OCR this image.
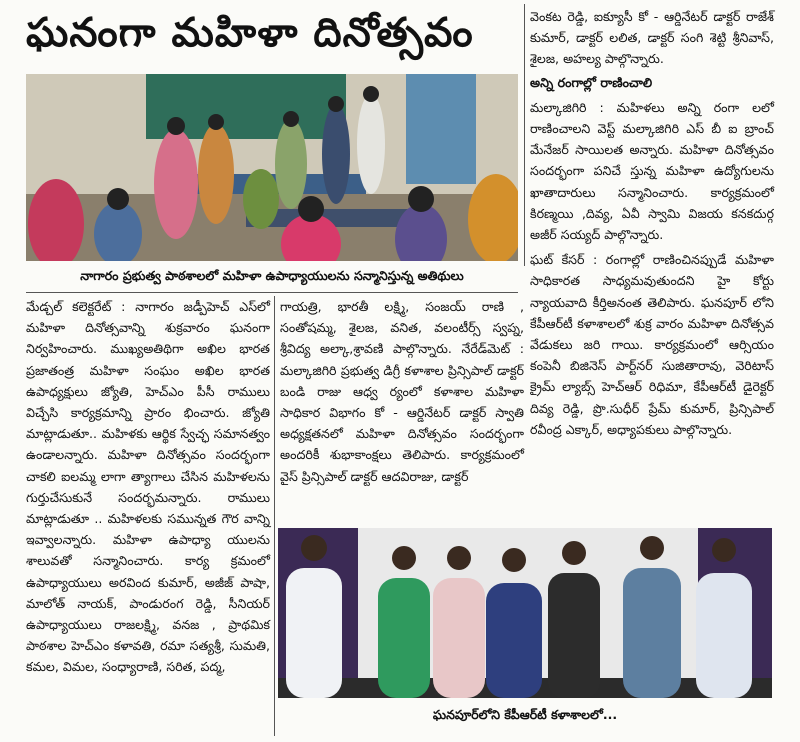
ఘనంగా మహిళా దినోత్సవం
నాగారం ప్రభుత్వ పాఠశాలలో మహిళా ఉపాధ్యాయులను సన్మానిస్తున్న అతిథులు

వెంకట రెడ్డి, ఐక్యూసీ కో - ఆర్డినేటర్ డాక్టర్ రాజేశ్ కుమార్, డాక్టర్ లలిత, డాక్టర్ సంగి శెట్టి శ్రీనివాస్, శైలజ, అహల్య పాల్గొన్నారు.

అన్ని రంగాల్లో రాణించాలి

మల్కాజిగిరి : మహిళలు అన్ని రంగా లలో రాణించాలని వెస్ట్ మల్కాజిగిరి ఎస్ బీ ఐ బ్రాంచ్ మేనేజర్ సాయిలత అన్నారు. మహిళా దినోత్సవం సందర్భంగా పనిచే స్తున్న మహిళా ఉద్యోగులను ఖాతాదారులు సన్మానించారు. కార్యక్రమంలో కిరణ్మయి ,దివ్య, ఏవీ స్వామి విజయ కనకదుర్గ అజీర్ సయ్యద్ పాల్గొన్నారు.

ఘట్ కేసర్ : రంగాల్లో రాణించినప్పుడే మహిళా సాధికారత సాధ్యమవుతుందని హై కోర్టు న్యాయవాది కీర్తిఅనంత తెలిపారు. ఘనపూర్ లోని కేపీఆర్‌టీ కళాశాలలో శుక్ర వారం మహిళా దినోత్సవ వేడుకలు జరి గాయి. కార్యక్రమంలో ఆర్సియం కంపెనీ బిజినెస్ పార్ట్‌నర్ సుజితారావు, వెరిటాస్ క్రైమ్ ల్యాబ్స్ హెచ్‌ఆర్ రిధిమా, కేపీఆర్‌టీ డైరెక్టర్ దివ్య రెడ్డి, ప్రొ.సుధీర్ ప్రేమ్ కుమార్, ప్రిన్సిపాల్ రవీంద్ర ఎక్కార్, అధ్యాపకులు పాల్గొన్నారు.

మేడ్చల్ కలెక్టరేట్ : నాగారం జడ్పీహెచ్ ఎస్‌లో మహిళా దినోత్సవాన్ని శుక్రవారం ఘనంగా నిర్వహించారు. ముఖ్యఅతిథిగా అఖిల భారత ప్రజాతంత్ర మహిళా సంఘం అఖిల భారత ఉపాధ్యక్షులు జ్యోతి, హెచ్‌ఎం పీసీ రాములు విచ్చేసి కార్యక్రమాన్ని ప్రారం భించారు. జ్యోతి మాట్లాడుతూ.. మహిళకు ఆర్థిక స్వేచ్ఛ సమానత్వం ఉండాలన్నారు. మహిళా దినోత్సవం సందర్భంగా చాకలి ఐలమ్మ లాగా త్యాగాలు చేసిన మహిళలను గుర్తుచేసుకునే సందర్భమన్నారు. రాములు మాట్లాడుతూ .. మహిళలకు సమున్నత గౌర వాన్ని ఇవ్వాలన్నారు. మహిళా ఉపాధ్యా యులను శాలువతో సన్మానించారు. కార్య క్రమంలో ఉపాధ్యాయులు అరవింద కుమార్, అజీజ్ పాషా, మాలోత్ నాయక్, పాండురంగ రెడ్డి, సీనియర్ ఉపాధ్యాయులు రాజలక్ష్మి, వనజ , ప్రాథమిక పాఠశాల హెచ్‌ఎం కళావతి, రమా సత్యశ్రీ, సుమతి, కమల, విమల, సంధ్యారాణి, సరిత, పద్మ,

గాయత్రి, భారతీ లక్ష్మి, సంజయ్ రాణి , సంతోషమ్మ, శైలజ, వనిత, వలంటీర్స్ స్వప్న, శ్రీవిద్య అల్కా,శ్రావణి పాల్గొన్నారు. నేరేడ్‌మెట్ : మల్కాజిగిరి ప్రభుత్వ డిగ్రీ కళాశాల ప్రిన్సిపాల్ డాక్టర్ బండి రాజు ఆధ్వ ర్యంలో కళాశాల మహిళా సాధికార విభాగం కో - ఆర్డినేటర్ డాక్టర్ స్వాతి అధ్యక్షతనలో మహిళా దినోత్సవం సందర్భంగా అందరికీ శుభాకాంక్షలు తెలిపారు. కార్యక్రమంలో వైస్ ప్రిన్సిపాల్ డాక్టర్ ఆదవిరాజు, డాక్టర్

ఘనపూర్‌లోని కేపీఆర్‌టీ కళాశాలలో...
